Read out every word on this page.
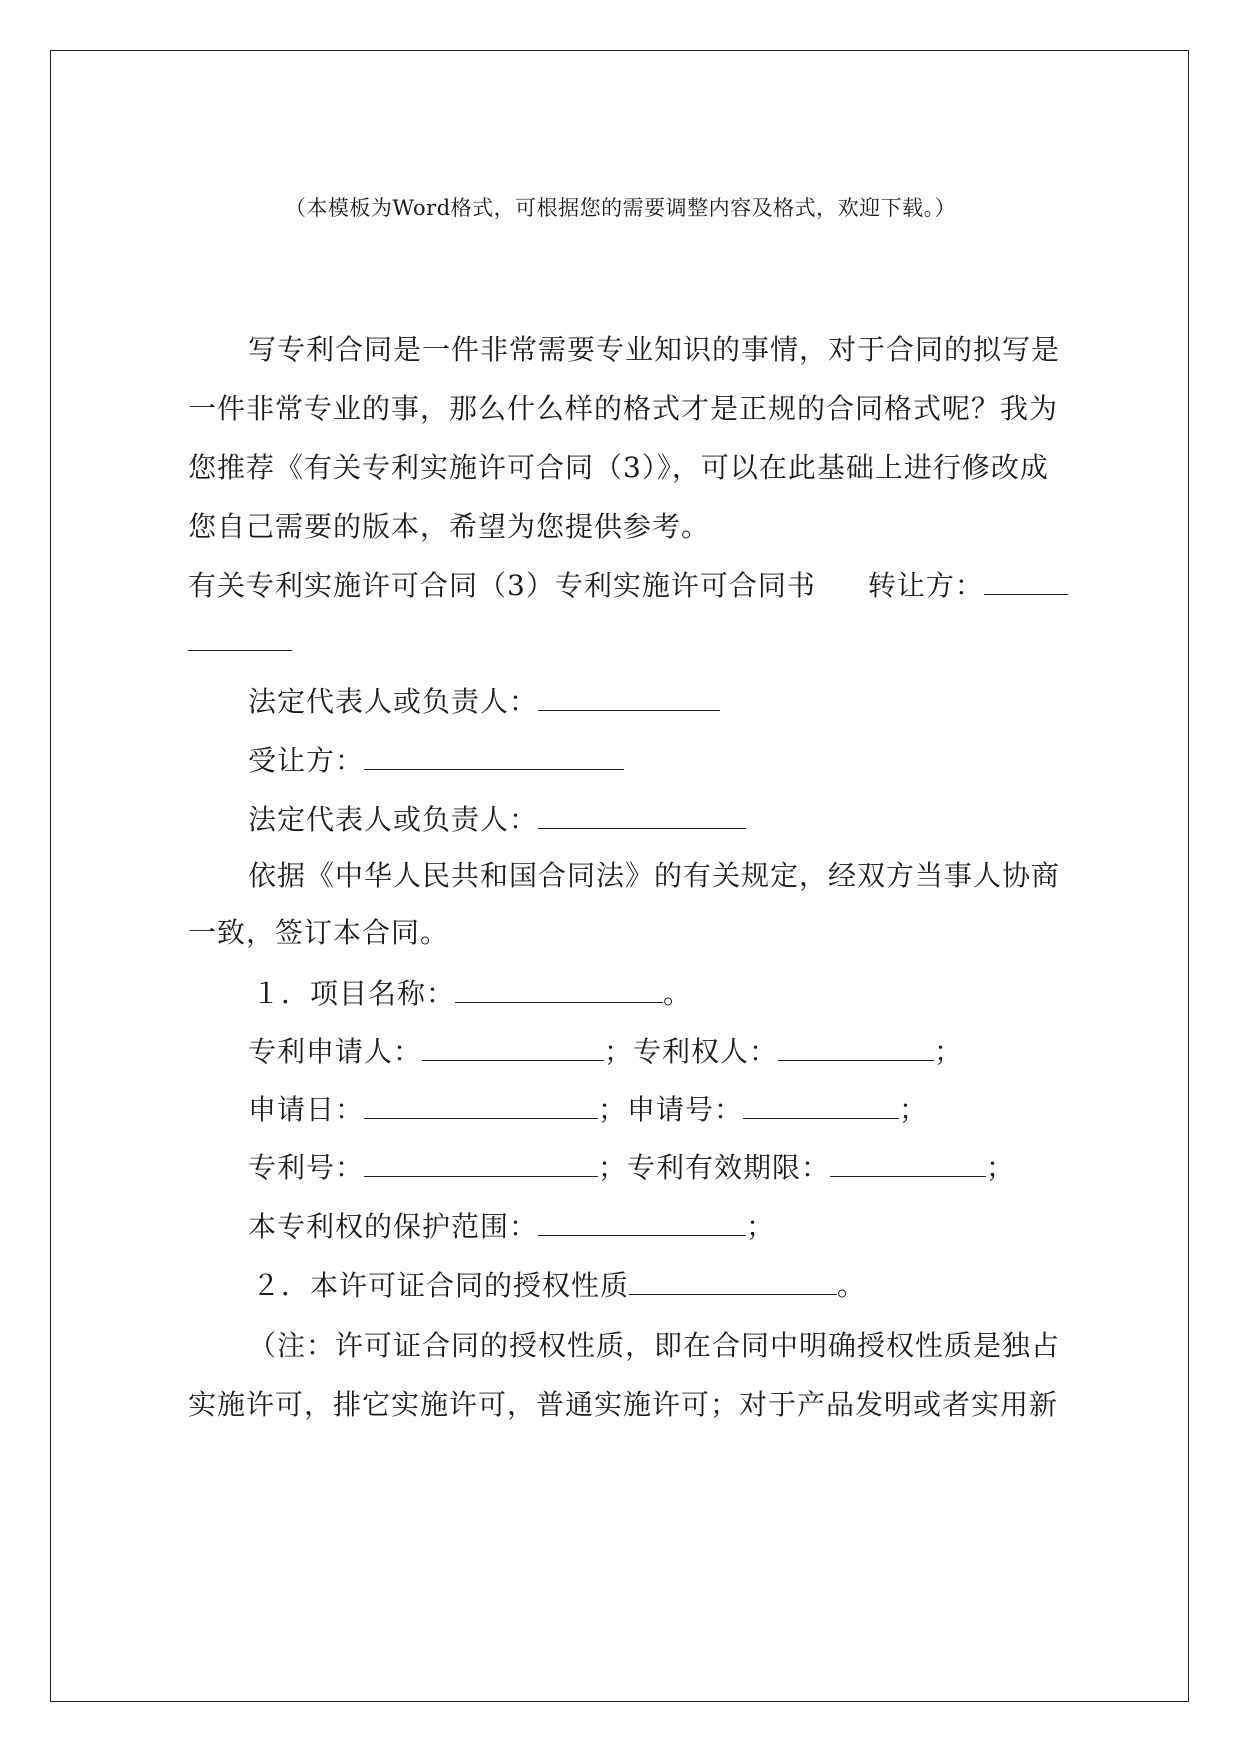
（本模板为Word格式，可根据您的需要调整内容及格式，欢迎下载。）
写专利合同是一件非常需要专业知识的事情，对于合同的拟写是
一件非常专业的事，那么什么样的格式才是正规的合同格式呢？我为
您推荐《有关专利实施许可合同（3）》，可以在此基础上进行修改成
您自己需要的版本，希望为您提供参考。
有关专利实施许可合同（3）专利实施许可合同书 转让方：
法定代表人或负责人：
受让方：
法定代表人或负责人：
依据《中华人民共和国合同法》的有关规定，经双方当事人协商
一致，签订本合同。
１．项目名称：	。
专利申请人：	；专利权人：	；
申请日：	；申请号：	；
专利号：	；专利有效期限：	；
本专利权的保护范围：	；
２．本许可证合同的授权性质	。
（注：许可证合同的授权性质，即在合同中明确授权性质是独占
实施许可，排它实施许可，普通实施许可；对于产品发明或者实用新
